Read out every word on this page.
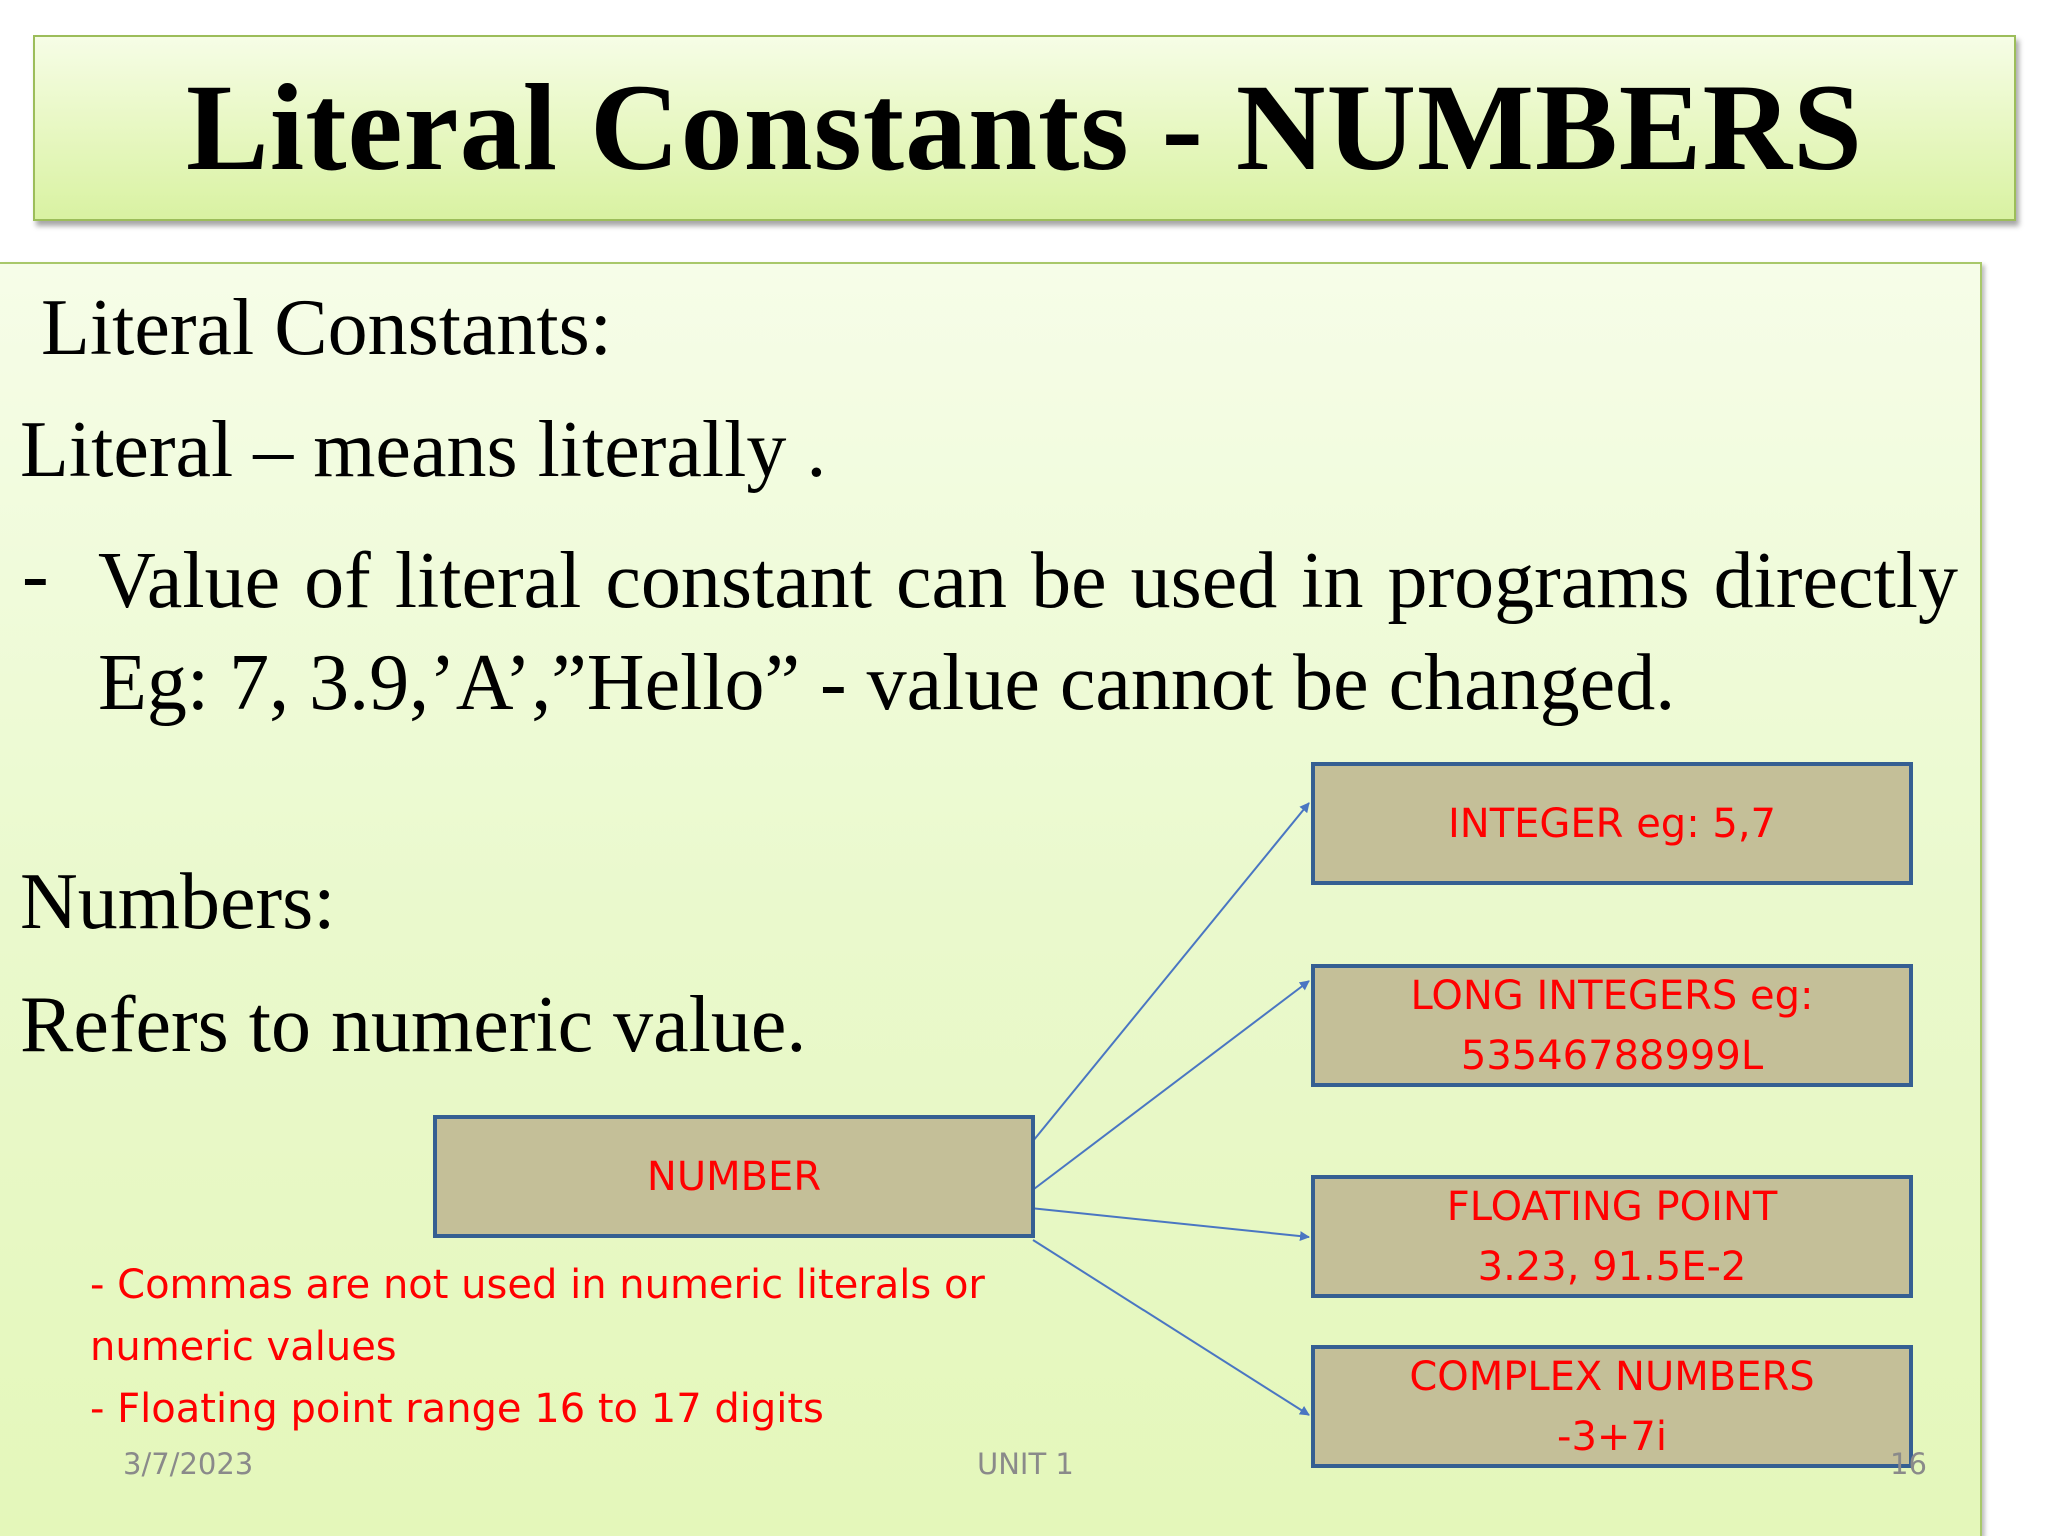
Literal Constants - NUMBERS
Literal Constants:
Literal – means literally .
- Value of literal constant can be used in programs directly Eg: 7, 3.9,’A’,”Hello” - value cannot be changed.
Numbers:
Refers to numeric value.
NUMBER
INTEGER eg: 5,7
LONG INTEGERS eg:
53546788999L
FLOATING POINT
3.23, 91.5E-2
COMPLEX NUMBERS
-3+7i
- Commas are not used in numeric literals or
numeric values
- Floating point range 16 to 17 digits
3/7/2023	UNIT 1	16
